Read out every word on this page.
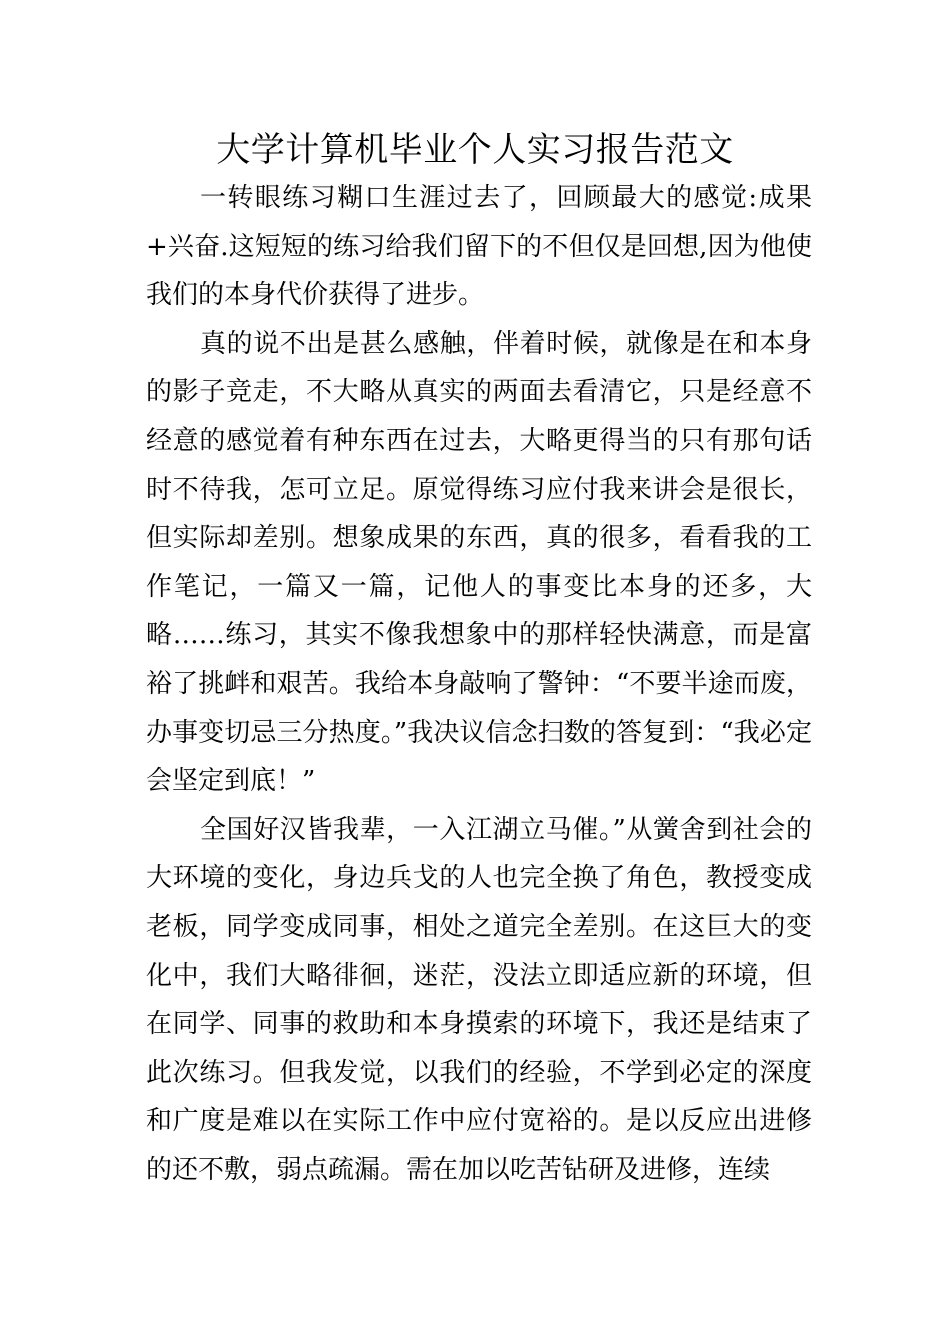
大学计算机毕业个人实习报告范文

一转眼练习糊口生涯过去了，回顾最大的感觉:成果+兴奋.这短短的练习给我们留下的不但仅是回想,因为他使我们的本身代价获得了进步。

真的说不出是甚么感触，伴着时候，就像是在和本身的影子竞走，不大略从真实的两面去看清它，只是经意不经意的感觉着有种东西在过去，大略更得当的只有那句话时不待我，怎可立足。原觉得练习应付我来讲会是很长，但实际却差别。想象成果的东西，真的很多，看看我的工作笔记，一篇又一篇，记他人的事变比本身的还多，大略……练习，其实不像我想象中的那样轻快满意，而是富裕了挑衅和艰苦。我给本身敲响了警钟：“不要半途而废，办事变切忌三分热度。”我决议信念扫数的答复到：“我必定会坚定到底！”

全国好汉皆我辈，一入江湖立马催。”从黉舍到社会的大环境的变化，身边兵戈的人也完全换了角色，教授变成老板，同学变成同事，相处之道完全差别。在这巨大的变化中，我们大略徘徊，迷茫，没法立即适应新的环境，但在同学、同事的救助和本身摸索的环境下，我还是结束了此次练习。但我发觉，以我们的经验，不学到必定的深度和广度是难以在实际工作中应付宽裕的。是以反应出进修的还不敷，弱点疏漏。需在加以吃苦钻研及进修，连续
